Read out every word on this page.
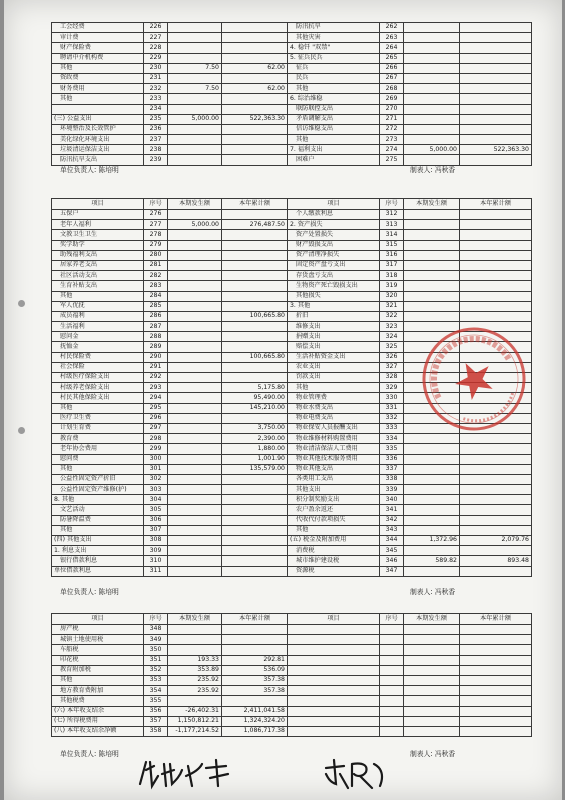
工会经费	226			防汛抗旱	262		
审计费	227			其他灾害	263		
财产保险费	228			4. 稳钎 "双禁"	264		
聘请中介机构费	229			5. 征兵民兵	265		
其他	230	7.50	62.00	征兵	266		
资政费	231			民兵	267		
财务费用	232	7.50	62.00	其他	268		
其他	233			6. 综治维稳	269		
	234			联防联控支出	270		
(三) 公益支出	235	5,000.00	522,363.30	矛盾调解支出	271		
环境整治及长效管护	236			信访维稳支出	272		
美化绿化环境支出	237			其他	273		
垃圾清运保洁支出	238			7. 福利支出	274	5,000.00	522,363.30
防汛抗旱支出	239			困难户	275		
单位负责人: 陈培明	制表人: 冯秋香
项目	序号	本期发生额	本年累计额	项目	序号	本期发生额	本年累计额
五保户	276			个人缴款利息	312		
老年人福利	277	5,000.00	276,487.50	2. 资产损失	313		
文教卫生卫生	278			资产处置损失	314		
奖学助学	279			财产毁损支出	315		
助残福利支出	280			资产清理净损失	316		
居家养老支出	281			固定资产盘亏支出	317		
社区活动支出	282			存货盘亏支出	318		
生育补贴支出	283			生物资产死亡毁损支出	319		
其他	284			其他损失	320		
军人优抚	285			3. 其他	321		
成员福利	286		100,665.80	折旧	322		
生活福利	287			维修支出	323		
慰问金	288			捐赠支出	324		
抚恤金	289			赔偿支出	325		
村民保险费	290		100,665.80	生活补贴资金支出	326		
社会保险	291			农业支出	327		
村级医疗保险支出	292			罚款支出	328		
村级养老保险支出	293		5,175.80	其他	329		
村民其他保险支出	294		95,490.00	物业管理费	330		
其他	295		145,210.00	物业水费支出	331		
医疗卫生费	296			物业电费支出	332		
计划生育费	297		3,750.00	物业保安人员报酬支出	333		
教育费	298		2,390.00	物业维修材料购置费用	334		
老年协会费用	299		1,880.00	物业清洁保洁人工费用	335		
慰问费	300		1,001.90	物业其他技术服务费用	336		
其他	301		135,579.00	物业其他支出	337		
公益性固定资产折旧	302			各类用工支出	338		
公益性固定资产维修(护)	303			其他支出	339		
8. 其他	304			积分制奖励支出	340		
文艺活动	305			农户盈余返还	341		
防暑降温费	306			代收代付款项损失	342		
其他	307			其他	343		
(四) 其他支出	308			(五) 税金及附加费用	344	1,372.96	2,079.76
1. 利息支出	309			消费税	345		
银行借款利息	310			城市维护建设税	346	589.82	893.48
单位借款利息	311			资源税	347		
单位负责人: 陈培明	制表人: 冯秋香
项目	序号	本期发生额	本年累计额	项目	序号	本期发生额	本年累计额
房产税	348						
城镇土地使用税	349						
车船税	350						
印花税	351	193.33	292.81				
教育附加税	352	353.89	536.09				
其他	353	235.92	357.38				
地方教育费附加	354	235.92	357.38				
其他税费	355						
(六) 本年收支结余	356	-26,402.31	2,411,041.58				
(七) 所得税费用	357	1,150,812.21	1,324,324.20				
(八) 本年收支结余净额	358	-1,177,214.52	1,086,717.38				
单位负责人: 陈培明	制表人: 冯秋香
